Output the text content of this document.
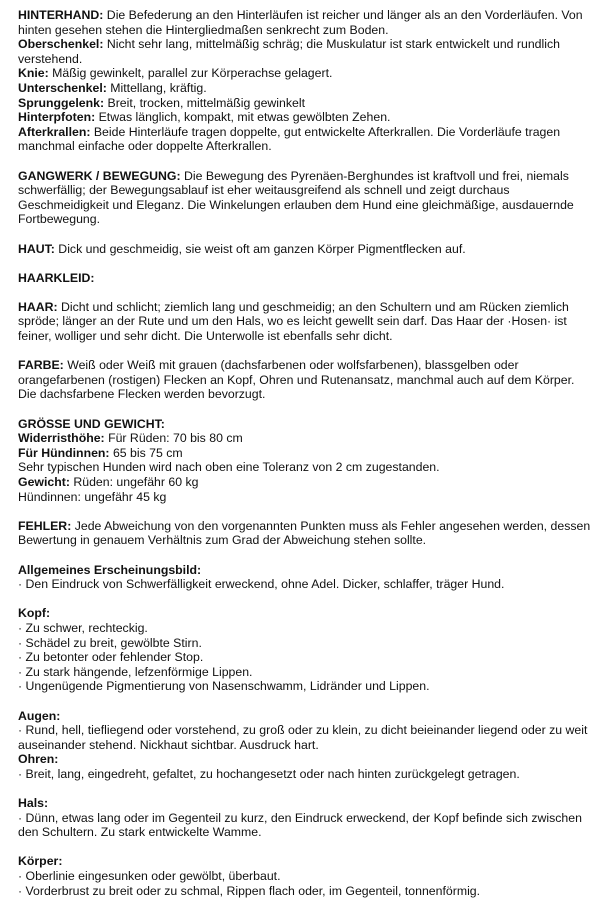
HINTERHAND: Die Befederung an den Hinterläufen ist reicher und länger als an den Vorderläufen. Von hinten gesehen stehen die Hintergliedmaßen senkrecht zum Boden.

Oberschenkel: Nicht sehr lang, mittelmäßig schräg; die Muskulatur ist stark entwickelt und rundlich verstehend.

Knie: Mäßig gewinkelt, parallel zur Körperachse gelagert.

Unterschenkel: Mittellang, kräftig.

Sprunggelenk: Breit, trocken, mittelmäßig gewinkelt

Hinterpfoten: Etwas länglich, kompakt, mit etwas gewölbten Zehen.

Afterkrallen: Beide Hinterläufe tragen doppelte, gut entwickelte Afterkrallen. Die Vorderläufe tragen manchmal einfache oder doppelte Afterkrallen.

GANGWERK / BEWEGUNG: Die Bewegung des Pyrenäen-Berghundes ist kraftvoll und frei, niemals schwerfällig; der Bewegungsablauf ist eher weitausgreifend als schnell und zeigt durchaus Geschmeidigkeit und Eleganz. Die Winkelungen erlauben dem Hund eine gleichmäßige, ausdauernde Fortbewegung.

HAUT: Dick und geschmeidig, sie weist oft am ganzen Körper Pigmentflecken auf.

HAARKLEID:

HAAR: Dicht und schlicht; ziemlich lang und geschmeidig; an den Schultern und am Rücken ziemlich spröde; länger an der Rute und um den Hals, wo es leicht gewellt sein darf. Das Haar der ·Hosen· ist feiner, wolliger und sehr dicht. Die Unterwolle ist ebenfalls sehr dicht.

FARBE: Weiß oder Weiß mit grauen (dachsfarbenen oder wolfsfarbenen), blassgelben oder orangefarbenen (rostigen) Flecken an Kopf, Ohren und Rutenansatz, manchmal auch auf dem Körper. Die dachsfarbene Flecken werden bevorzugt.

GRÖSSE UND GEWICHT:

Widerristhöhe: Für Rüden: 70 bis 80 cm

Für Hündinnen: 65 bis 75 cm

Sehr typischen Hunden wird nach oben eine Toleranz von 2 cm zugestanden.

Gewicht: Rüden: ungefähr 60 kg

Hündinnen: ungefähr 45 kg

FEHLER: Jede Abweichung von den vorgenannten Punkten muss als Fehler angesehen werden, dessen Bewertung in genauem Verhältnis zum Grad der Abweichung stehen sollte.

Allgemeines Erscheinungsbild:

· Den Eindruck von Schwerfälligkeit erweckend, ohne Adel. Dicker, schlaffer, träger Hund.

Kopf:

· Zu schwer, rechteckig.

· Schädel zu breit, gewölbte Stirn.

· Zu betonter oder fehlender Stop.

· Zu stark hängende, lefzenförmige Lippen.

· Ungenügende Pigmentierung von Nasenschwamm, Lidränder und Lippen.

Augen:

· Rund, hell, tiefliegend oder vorstehend, zu groß oder zu klein, zu dicht beieinander liegend oder zu weit auseinander stehend. Nickhaut sichtbar. Ausdruck hart.

Ohren:

· Breit, lang, eingedreht, gefaltet, zu hochangesetzt oder nach hinten zurückgelegt getragen.

Hals:

· Dünn, etwas lang oder im Gegenteil zu kurz, den Eindruck erweckend, der Kopf befinde sich zwischen den Schultern. Zu stark entwickelte Wamme.

Körper:

· Oberlinie eingesunken oder gewölbt, überbaut.

· Vorderbrust zu breit oder zu schmal, Rippen flach oder, im Gegenteil, tonnenförmig.
